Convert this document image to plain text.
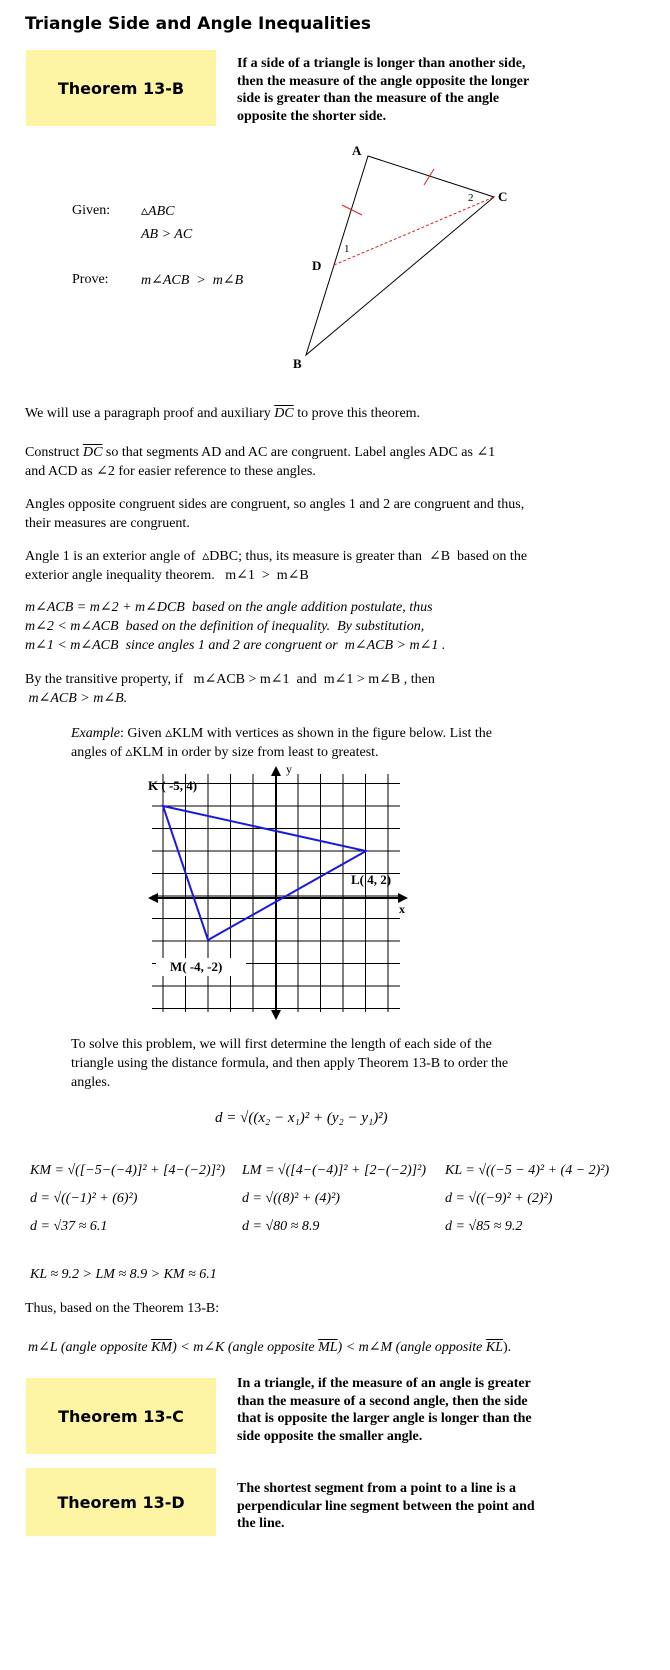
Triangle Side and Angle Inequalities
Theorem 13-B
If a side of a triangle is longer than another side, then the measure of the angle opposite the longer side is greater than the measure of the angle opposite the shorter side.
Given: ▵ABC
AB > AC
Prove: m∠ACB  >  m∠B
A
C
D
B
1
2
We will use a paragraph proof and auxiliary $\overline{DC}$ to prove this theorem.
Construct $\overline{DC}$ so that segments AD and AC are congruent. Label angles ADC as ∠1
and ACD as ∠2 for easier reference to these angles.
Angles opposite congruent sides are congruent, so angles 1 and 2 are congruent and thus,
their measures are congruent.
Angle 1 is an exterior angle of  ▵DBC; thus, its measure is greater than  ∠B  based on the
exterior angle inequality theorem.   m∠1  >  m∠B
m∠ACB = m∠2 + m∠DCB  based on the angle addition postulate, thus
m∠2 < m∠ACB  based on the definition of inequality.  By substitution,
m∠1 < m∠ACB  since angles 1 and 2 are congruent or  m∠ACB > m∠1 .
By the transitive property, if   m∠ACB > m∠1  and  m∠1 > m∠B , then
m∠ACB > m∠B.
Example: Given ▵KLM with vertices as shown in the figure below. List the
angles of ▵KLM in order by size from least to greatest.
K ( -5, 4)
L( 4, 2)
M( -4, -2)
x
y
To solve this problem, we will first determine the length of each side of the
triangle using the distance formula, and then apply Theorem 13-B to order the
angles.
d = √((x₂ − x₁)² + (y₂ − y₁)²)
KM = √([−5−(−4)]² + [4−(−2)]²)
d = √((−1)² + (6)²)
d = √37 ≈ 6.1
LM = √([4−(−4)]² + [2−(−2)]²)
d = √((8)² + (4)²)
d = √80 ≈ 8.9
KL = √((−5 − 4)² + (4 − 2)²)
d = √((−9)² + (2)²)
d = √85 ≈ 9.2
KL ≈ 9.2 > LM ≈ 8.9 > KM ≈ 6.1
Thus, based on the Theorem 13-B:
m∠L (angle opposite $\overline{KM}$) < m∠K (angle opposite $\overline{ML}$) < m∠M (angle opposite $\overline{KL}$).
Theorem 13-C
In a triangle, if the measure of an angle is greater than the measure of a second angle, then the side that is opposite the larger angle is longer than the side opposite the smaller angle.
Theorem 13-D
The shortest segment from a point to a line is a perpendicular line segment between the point and the line.
